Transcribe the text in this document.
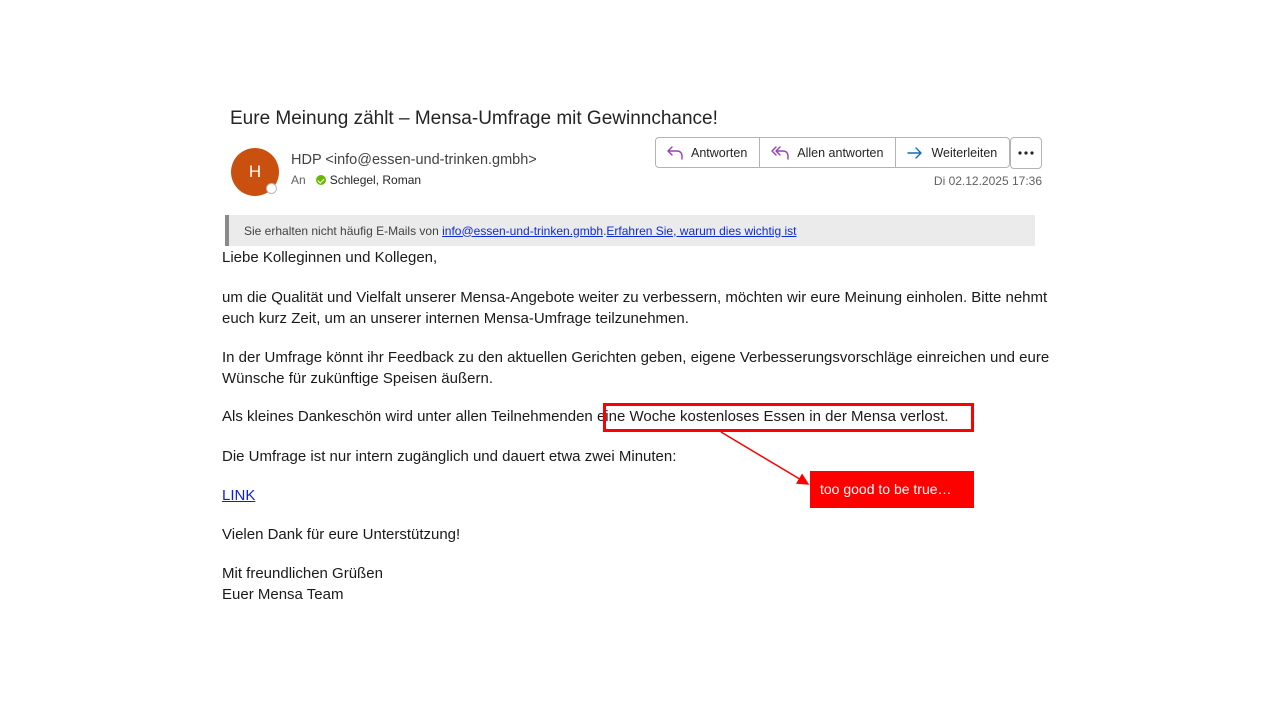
Eure Meinung zählt – Mensa-Umfrage mit Gewinnchance!
H
HDP <info@essen-und-trinken.gmbh>
An Schlegel, Roman
Antworten	Allen antworten	Weiterleiten
Di 02.12.2025 17:36
Sie erhalten nicht häufig E-Mails von
info@essen-und-trinken.gmbh . Erfahren Sie, warum dies wichtig ist
Liebe Kolleginnen und Kollegen,
um die Qualität und Vielfalt unserer Mensa-Angebote weiter zu verbessern, möchten wir eure Meinung einholen. Bitte nehmt euch kurz Zeit, um an unserer internen Mensa-Umfrage teilzunehmen.
In der Umfrage könnt ihr Feedback zu den aktuellen Gerichten geben, eigene Verbesserungsvorschläge einreichen und eure Wünsche für zukünftige Speisen äußern.
Als kleines Dankeschön wird unter allen Teilnehmenden eine Woche kostenloses Essen in der Mensa verlost.
Die Umfrage ist nur intern zugänglich und dauert etwa zwei Minuten:
LINK
Vielen Dank für eure Unterstützung!
Mit freundlichen Grüßen
Euer Mensa Team
too good to be true…
